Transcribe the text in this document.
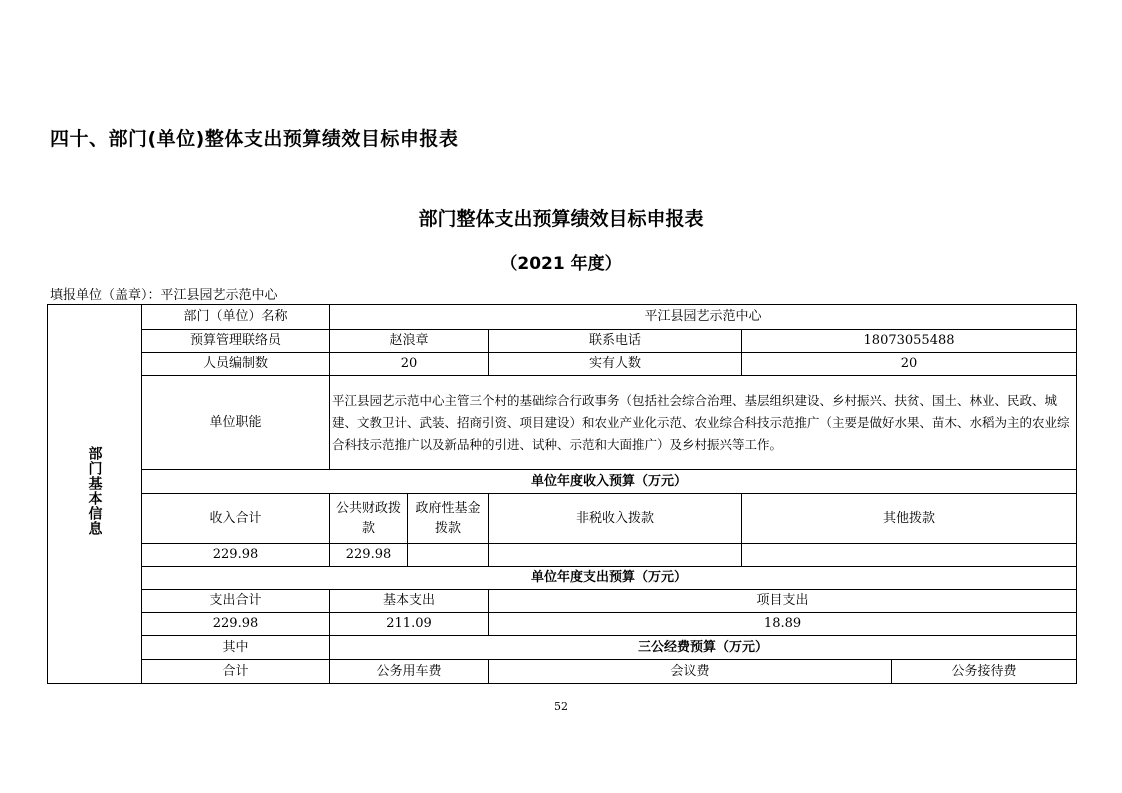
四十、部门(单位)整体支出预算绩效目标申报表
部门整体支出预算绩效目标申报表
（2021 年度）
填报单位（盖章）：平江县园艺示范中心
部门基本信息	部门（单位）名称	平江县园艺示范中心				
	预算管理联络员	赵浪章		联系电话	18073055488	
	人员编制数	20		实有人数	20	
	单位职能	平江县园艺示范中心主管三个村的基础综合行政事务（包括社会综合治理、基层组织建设、乡村振兴、扶贫、国土、林业、民政、城建、文教卫计、武装、招商引资、项目建设）和农业产业化示范、农业综合科技示范推广（主要是做好水果、苗木、水稻为主的农业综合科技示范推广以及新品种的引进、试种、示范和大面推广）及乡村振兴等工作。				
	单位年度收入预算（万元）					
	收入合计	公共财政拨款	政府性基金拨款	非税收入拨款	其他拨款	
	229.98	229.98				
	单位年度支出预算（万元）					
	支出合计	基本支出		项目支出		
	229.98	211.09		18.89		
	其中	三公经费预算（万元）				
	合计	公务用车费		会议费		公务接待费
52
